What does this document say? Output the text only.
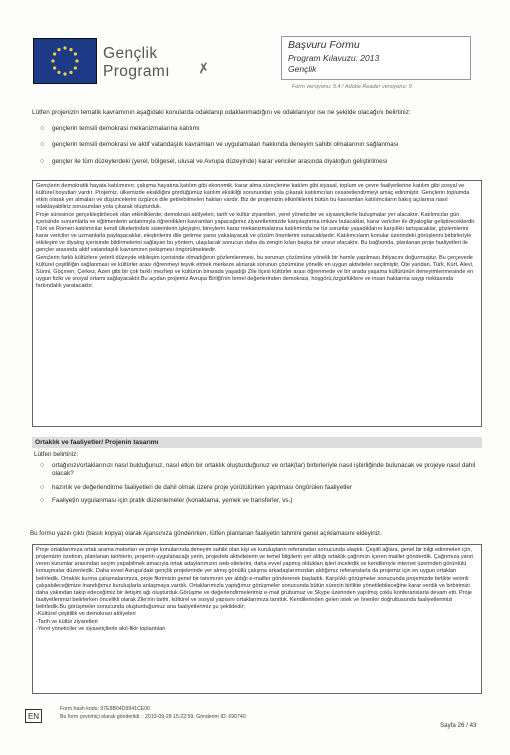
Gençlik
Programı ✗
Başvuru Formu
Program Kılavuzu: 2013
Gençlik
Form versiyonu: 5.4 / Adobe Reader versiyonu: 9
Lütfen projenizin tematik kavramının aşağıdaki konularda odaklanıp odaklanmadığını ve odaklanıyor ise ne şekilde olacağını belirtiniz:
○ gençlerin temsili demokrasi mekanizmalarına katılımı
○ gençlerin temsili demokrasi ve aktif vatandaşlık kavramları ve uygulamaları hakkında deneyim sahibi olmalarının sağlanması
○ gençler ile tüm düzeylerdeki (yerel, bölgesel, ulusal ve Avrupa düzeyinde) karar vericiler arasında diyaloğun geliştirilmesi

Gençlerin demokratik hayata katılımının; çalışma hayatına katılım gibi ekonomik, karar alma süreçlerine katılım gibi siyasal, toplum ve çevre faaliyetlerine katılım gibi sosyal ve kültürel boyutları vardır. Projemiz, ülkemizde eksikliğini gördüğümüz katılım eksikliği sorunundan yola çıkarak katılımcıları cesaretlendirmeyi amaç edinmiştir. Gençlerin toplumda etkin olarak yer almaları ve düşüncelerini özgürce dile getirebilmeleri hakları vardır. Biz de projemizin etkinliklerini bütün bu kavramları katılımcıların bakış açılarına nasıl odaklayabiliriz sorusundan yola çıkarak oluşturduk.

Proje süresince gerçekleştirilecek olan etkinliklerde; demokrasi atölyeleri, tarih ve kültür ziyaretleri, yerel yöneticiler ve siyasetçilerle buluşmalar yer alacaktır. Katılımcılar gün içerisinde sunumlarla ve eğitmenlerin anlatımıyla öğrendikleri kavramları yapacağımız ziyaretlerimizde karşılaştırma imkanı bulacaklar, karar vericiler ile diyaloglar geliştireceklerdir. Türk ve Romen katılımcılar kendi ülkelerindeki sistemlerin işleyişini, bireylerin karar mekanizmalarına katılımında ne tür sorunlar yaşadıklarını karşılıklı tartışacaklar, gözlemlerini karar vericiler ve uzmanlarla paylaşacaklar, eleştirilerini dile getirme şansı yakalayacak ve çözüm önerilerini sunacaklardır. Katılımcıların konular üzerindeki görüşlerini birbirleriyle etkileşim ve diyalog içerisinde bildirmelerini sağlayan bu yöntem, ulaşılacak sonucun daha da zengin kılan başka bir unsur olacaktır. Bu bağlamda, planlanan proje faaliyetleri ile gençler arasında aktif vatandaşlık kavramının pekişmesi öngörülmektedir.

Gençlerin farklı kültürlere yeterli düzeyde etkileşim içerisinde olmadığının gözlemlenmesi, bu sorunun çözümüne yönelik bir hamle yapılması ihtiyacını doğurmuştur. Bu çerçevede kültürel çeşitliliğin sağlanması ve kültürler arası öğrenmeyi teşvik etmek merkeze alınarak sorunun çözümüne yönelik en uygun aktiviteler seçilmiştir. Öte yandan, Türk, Kürt, Alevi, Sünni, Göçmen, Çerkez, Azeri gibi bir çok farklı mezhep ve kültürün birarada yaşadığı Zile ilçesi kültürler arası öğrenmede ve bir arada yaşama kültürünün deneyimlenmesinde en uygun fiziki ve sosyal ortamı sağlayacaktır.Bu açıdan projemiz Avrupa Birliği'nin temel değerlerinden demokrasi, hoşgörü,özgürlüklere ve insan haklarına saygı noktasında farkındalık yaratacaktır.

Ortaklık ve faaliyetler/ Projenin tasarımı
Lütfen belirtiniz:
○ ortağınızı/ortaklarınızı nasıl bulduğunuz, nasıl etkin bir ortaklık oluşturduğunuz ve ortak(lar) birbirleriyle nasıl işbirliğinde bulunacak ve projeye nasıl dahil olacak?
○ hazırlık ve değerlendirme faaliyetleri de dahil olmak üzere proje yürütülürken yapılması öngörülen faaliyetler
○ Faaliyetin uygulanması için pratik düzenlemeler (konaklama, yemek ve transferler, vs.)
Bu formu yazılı çıktı (basılı kopya) olarak Ajansınıza gönderirken, lütfen planlanan faaliyetin tahmini genel açıklamasını ekleyiniz.

Proje ortaklarımıza ortak arama motorları ve proje konularında deneyim sahibi olan kişi ve kuruluşların referansları sonucunda ulaştık. Çeşitli ağlara, genel bir bilgi edinmeleri için, projemizin özetinin, planlanan tarihlerin, projenin uygulanacağı yerin, projedeki aktivitelerin ve temel bilgilerin yer aldığı ortaklık çağrımızı içeren mailler gönderdik. Çağrımıza yanıt veren kurumlar arasından seçim yapabilmek amacıyla ortak adaylarımızın web-sitelerini, daha evvel yapmış oldukları işleri inceledik ve kendileriyle internet üzerinden görüntülü konuşmalar düzenledik. Daha evvel Avrupa'daki gençlik projelerinde yer almış gönüllü çalışma arkadaşlarımızdan aldığımız referanslarla da projemiz için en uygun ortakları belirledik. Ortaklık kurma çalışmalarımıza, proje fikrimizin genel bir tanımının yer aldığı e-mailler göndererek başladık. Karşılıklı görüşmeler sonucunda projemizde birlikte verimli çalışabileceğimize inandığımız kuruluşlarla anlaşmaya vardık. Ortaklarımızla yaptığımız görüşmeler sonucunda bütün sürecin birlikte yönetilebileceğine karar verdik ve birbirimizi daha yakından takip edeceğimiz bir iletişim ağı oluşturduk.Görüşme ve değerlendirmelerimiz e-mail grubumuz ve Skype üzerinden yapılmış çoklu konferanslarla devam etti. Proje faaliyetlerimizi belirlerken öncelikli olarak Zile'nin tarihi, kültürel ve sosyal yapısını ortaklarımıza tanıttık. Kendilerinden gelen istek ve öneriler doğrultusunda faaliyetlerimizi belirledik.Bu görüşmeler sonucunda oluşturduğumuz ana faaliyetlerimiz şu şekildedir;

-Kültürel çeşitlilik ve demokrasi atölyeleri

-Tarih ve kültür ziyaretleri

-Yerel yöneticiler ve siyasetçilerle akıl-fikir toplantıları

EN
Form hash kodu: 97E8B04D9941CE00
Bu form çevrimiçi olarak gönderildi. : 2013-09-28 15:22:59. Gönderim ID: 690740.
Sayfa 26 / 43
